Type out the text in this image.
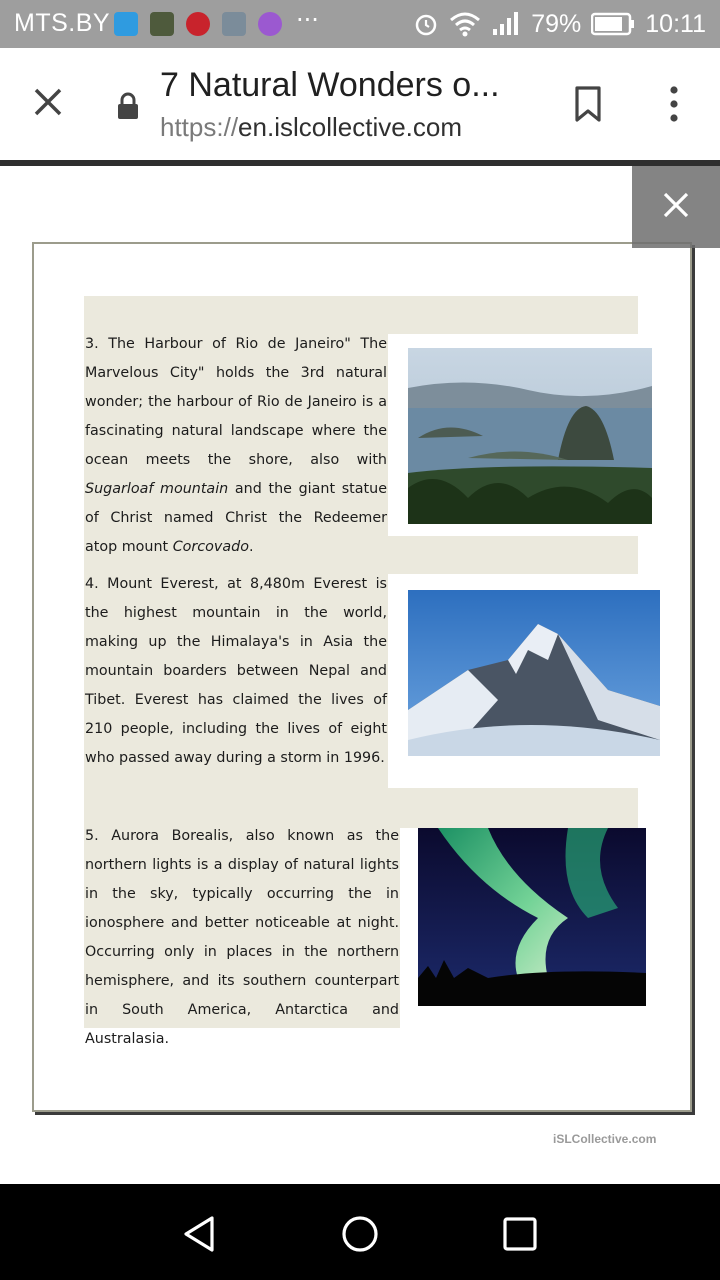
MTS.BY	···	79%	10:11
7 Natural Wonders o...
https://en.islcollective.com
3. The Harbour of Rio de Janeiro" The Marvelous City" holds the 3rd natural wonder; the harbour of Rio de Janeiro is a fascinating natural landscape where the ocean meets the shore, also with Sugarloaf mountain and the giant statue of Christ named Christ the Redeemer atop mount Corcovado.
4. Mount Everest, at 8,480m Everest is the highest mountain in the world, making up the Himalaya's in Asia the mountain boarders between Nepal and Tibet. Everest has claimed the lives of 210 people, including the lives of eight who passed away during a storm in 1996.
5. Aurora Borealis, also known as the northern lights is a display of natural lights in the sky, typically occurring the in ionosphere and better noticeable at night. Occurring only in places in the northern hemisphere, and its southern counterpart in South America, Antarctica and Australasia.
iSLCollective.com
